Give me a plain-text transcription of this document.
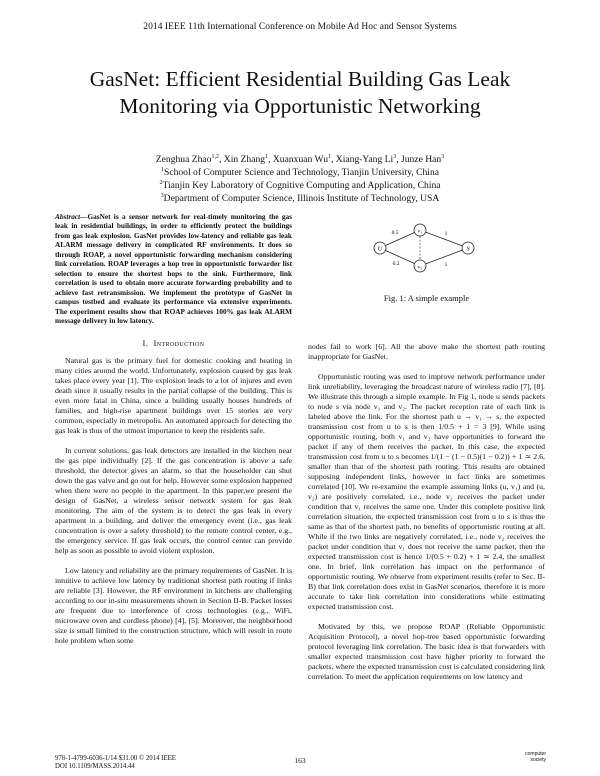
2014 IEEE 11th International Conference on Mobile Ad Hoc and Sensor Systems
GasNet: Efficient Residential Building Gas Leak
Monitoring via Opportunistic Networking
Zenghua Zhao$^{1,2}$, Xin Zhang$^1$, Xuanxuan Wu$^1$, Xiang-Yang Li$^3$, Junze Han$^3$
$^1$School of Computer Science and Technology, Tianjin University, China
$^2$Tianjin Key Laboratory of Cognitive Computing and Application, China
$^3$Department of Computer Science, Illinois Institute of Technology, USA
Abstract—GasNet is a sensor network for real-timely monitoring the gas leak in residential buildings, in order to efficiently protect the buildings from gas leak explosion. GasNet provides low-latency and reliable gas leak ALARM message delivery in complicated RF environments. It does so through ROAP, a novel opportunistic forwarding mechanism considering link correlation. ROAP leverages a hop tree in opportunistic forwarder list selection to ensure the shortest hops to the sink. Furthermore, link correlation is used to obtain more accurate forwarding probability and to achieve fast retransmission. We implement the prototype of GasNet in campus testbed and evaluate its performance via extensive experiments. The experiment results show that ROAP achieves 100% gas leak ALARM message delivery in low latency.
I. Introduction

Natural gas is the primary fuel for domestic cooking and heating in many cities around the world. Unfortunately, explosion caused by gas leak takes place every year [1]. The explosion leads to a lot of injures and even death since it usually results in the partial collapse of the building. This is even more fatal in China, since a building usually houses hundreds of families, and high-rise apartment buildings over 15 stories are very common, especially in metropolis. An automated approach for detecting the gas leak is thus of the utmost importance to keep the residents safe.

In current solutions, gas leak detectors are installed in the kitchen near the gas pipe individually [2]. If the gas concentration is above a safe threshold, the detector gives an alarm, so that the householder can shut down the gas valve and go out for help. However some explosion happened when there were no people in the apartment. In this paper,we present the design of GasNet, a wireless sensor network system for gas leak monitoring. The aim of the system is to detect the gas leak in every apartment in a building, and deliver the emergency event (i.e., gas leak concentration is over a safety threshold) to the remote control center, e.g., the emergency service. If gas leak occurs, the control center can provide help as soon as possible to avoid violent explosion.

Low latency and reliability are the primary requirements of GasNet. It is intuitive to achieve low latency by traditional shortest path routing if links are reliable [3]. However, the RF environment in kitchens are challenging according to our in-situ measurements shown in Section II-B. Packet losses are frequent due to interference of cross technologies (e.g., WiFi, microwave oven and cordless phone) [4], [5]. Moreover, the neighborhood size is small limited to the construction structure, which will result in route hole problem when some

U
v₁
v₂
S
0.5
0.2
1
1
Fig. 1: A simple example

nodes fail to work [6]. All the above make the shortest path routing inappropriate for GasNet.

Opportunistic routing was used to improve network performance under link unreliability, leveraging the broadcast nature of wireless radio [7], [8]. We illustrate this through a simple example. In Fig 1, node u sends packets to node s via node v₁ and v₂. The packet reception rate of each link is labeled above the link. For the shortest path u → v₁ → s, the expected transmission cost from u to s is then 1/0.5 + 1 = 3 [9]. While using opportunistic routing, both v₁ and v₂ have opportunities to forward the packet if any of them receives the packet. In this case, the expected transmission cost from u to s becomes 1/(1 − (1 − 0.5)(1 − 0.2)) + 1 ≃ 2.6, smaller than that of the shortest path routing. This results are obtained supposing independent links, however in fact links are sometimes correlated [10]. We re-examine the example assuming links (u, v₁) and (u, v₂) are positively correlated, i.e., node v₂ receives the packet under condition that v₁ receives the same one. Under this complete positive link correlation situation, the expected transmission cost from u to s is thus the same as that of the shortest path, no benefits of opportunistic routing at all. While if the two links are negatively correlated, i.e., node v₂ receives the packet under condition that v₁ does not receive the same packet, then the expected transmission cost is hence 1/(0.5 + 0.2) + 1 ≃ 2.4, the smallest one. In brief, link correlation has impact on the performance of opportunistic routing. We observe from experiment results (refer to Sec. II-B) that link correlation does exist in GasNet scenarios, therefore it is more accurate to take link correlation into considerations while estimating expected transmission cost.

Motivated by this, we propose ROAP (Reliable Opportunistic Acquisition Protocol), a novel hop-tree based opportunistic forwarding protocol leveraging link correlation. The basic idea is that forwarders with smaller expected transmission cost have higher priority to forward the packets, where the expected transmission cost is calculated considering link correlation. To meet the application requirements on low latency and

978-1-4799-6036-1/14 $31.00 © 2014 IEEE
DOI 10.1109/MASS.2014.44
163
computer
society
